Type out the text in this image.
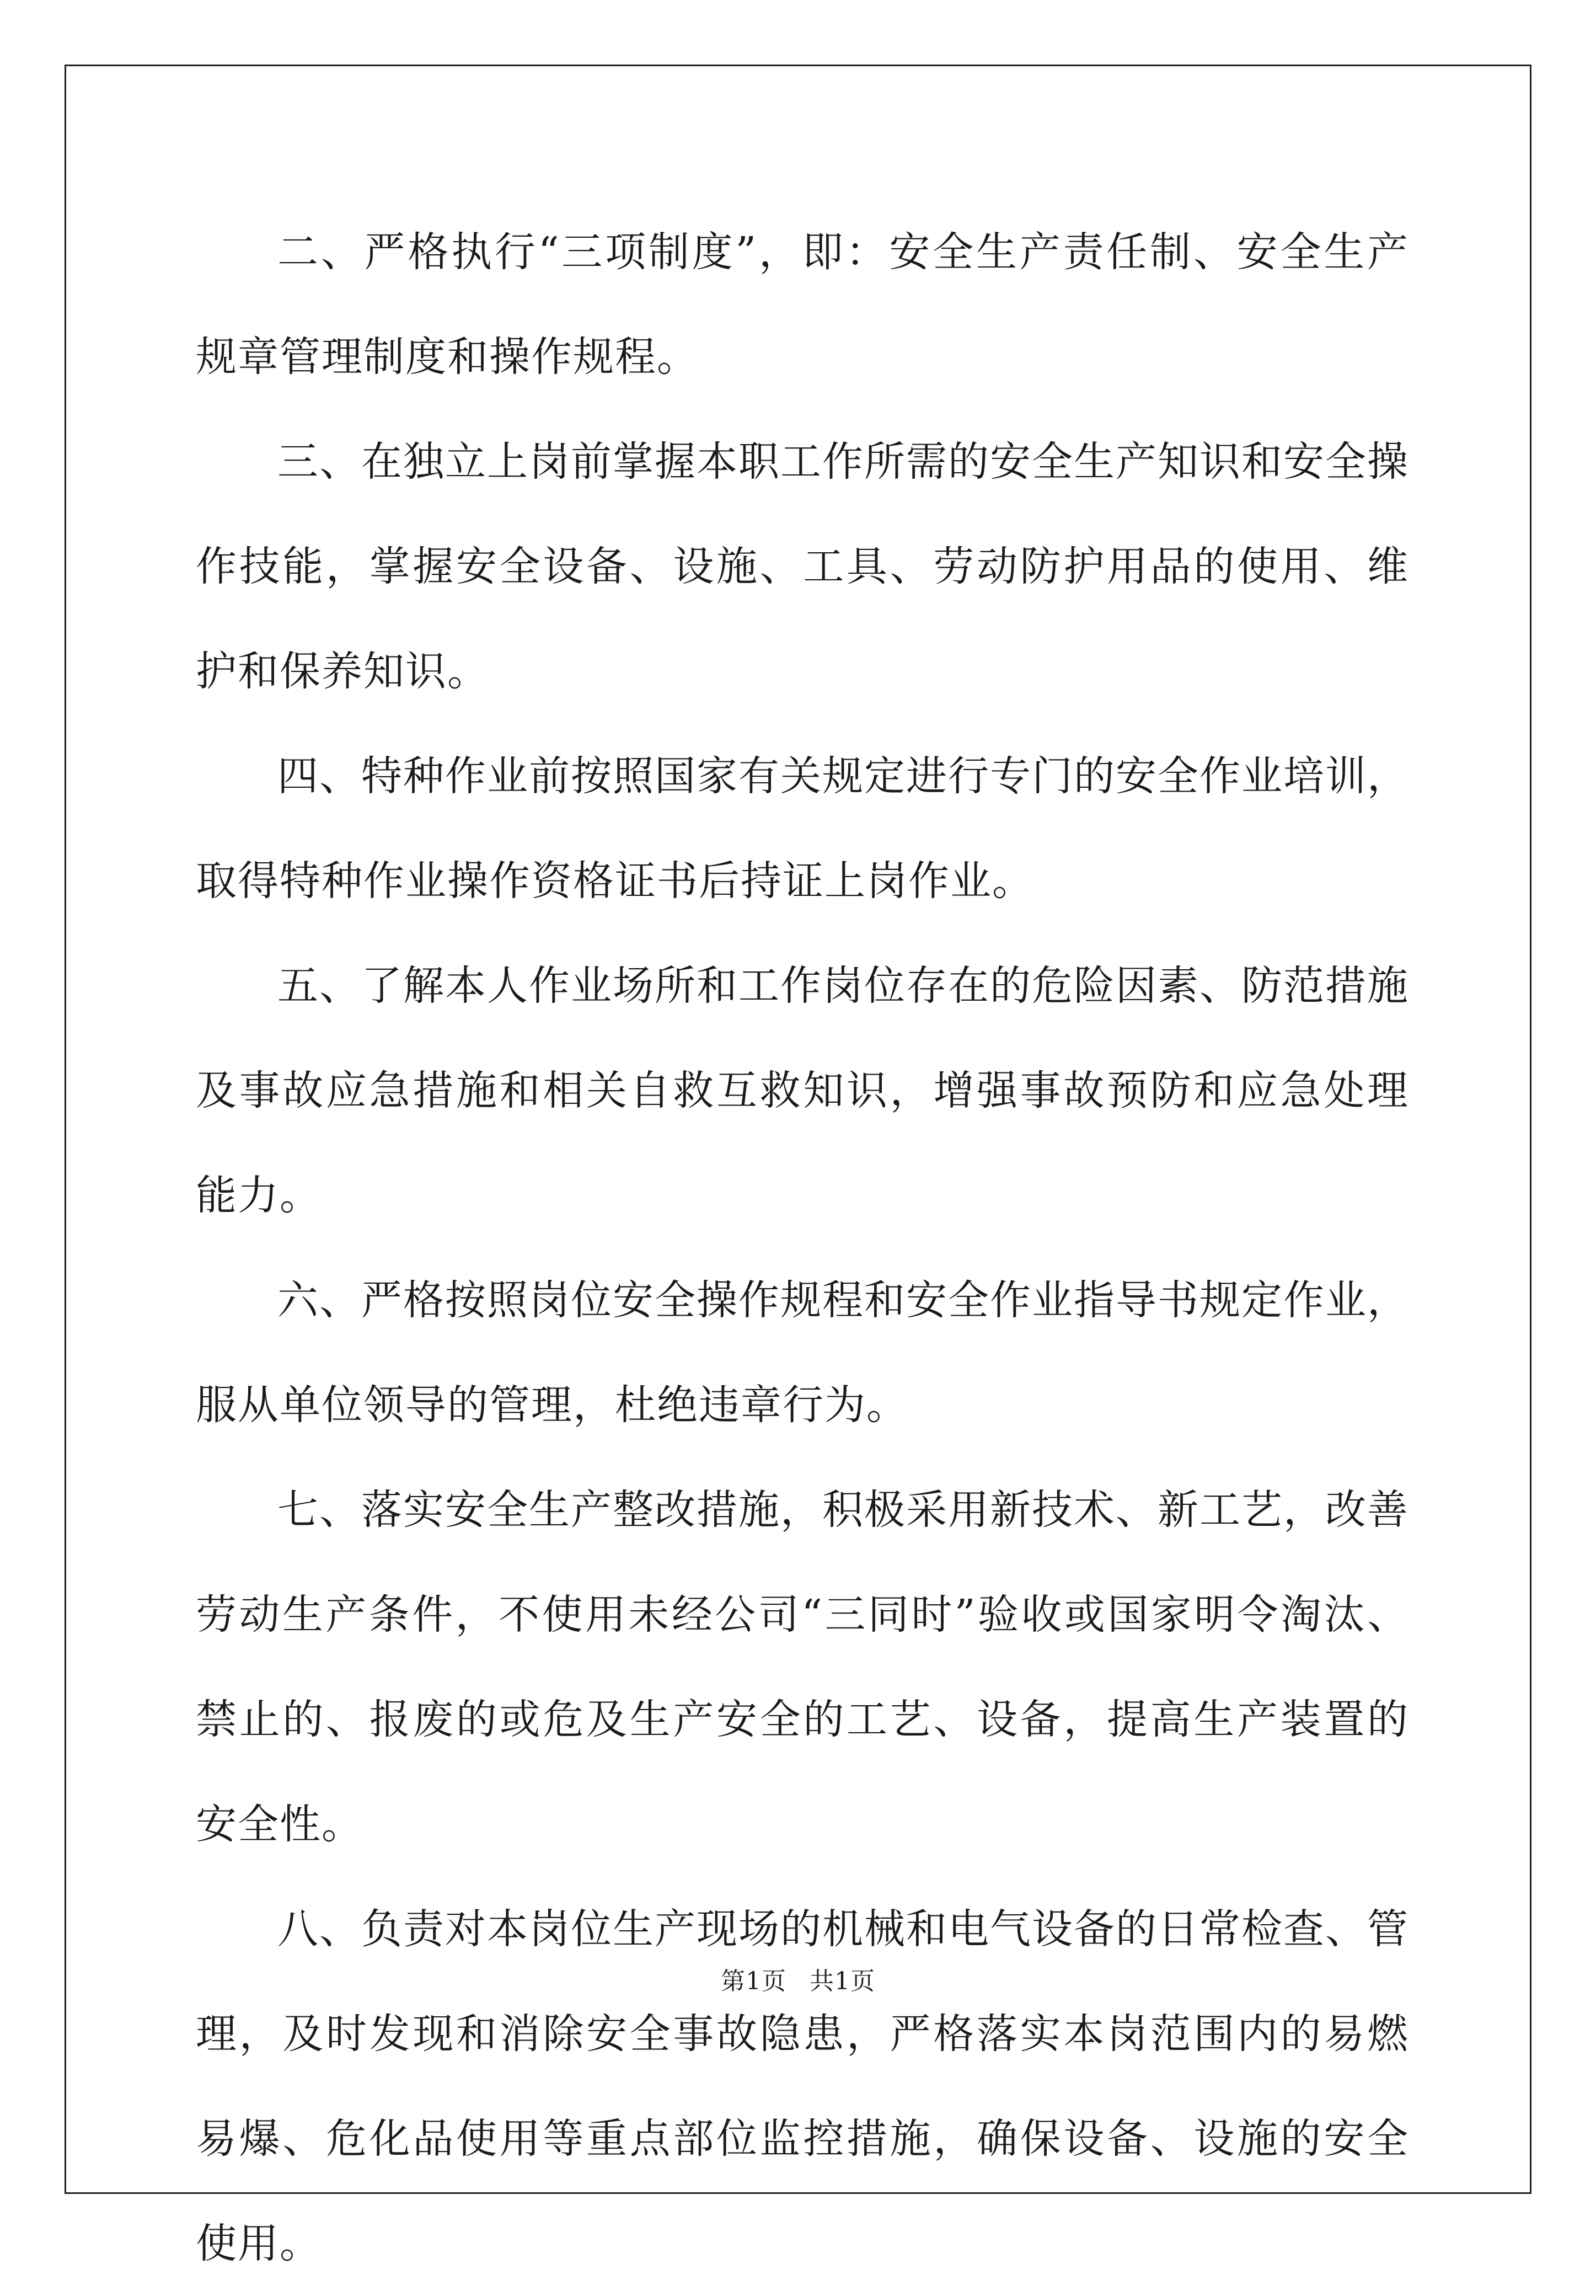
二、严格执行“三项制度”，即：安全生产责任制、安全生产规章管理制度和操作规程。

三、在独立上岗前掌握本职工作所需的安全生产知识和安全操作技能，掌握安全设备、设施、工具、劳动防护用品的使用、维护和保养知识。

四、特种作业前按照国家有关规定进行专门的安全作业培训，取得特种作业操作资格证书后持证上岗作业。

五、了解本人作业场所和工作岗位存在的危险因素、防范措施及事故应急措施和相关自救互救知识，增强事故预防和应急处理能力。

六、严格按照岗位安全操作规程和安全作业指导书规定作业，服从单位领导的管理，杜绝违章行为。

七、落实安全生产整改措施，积极采用新技术、新工艺，改善劳动生产条件，不使用未经公司“三同时”验收或国家明令淘汰、禁止的、报废的或危及生产安全的工艺、设备，提高生产装置的安全性。

八、负责对本岗位生产现场的机械和电气设备的日常检查、管理，及时发现和消除安全事故隐患，严格落实本岗范围内的易燃易爆、危化品使用等重点部位监控措施，确保设备、设施的安全使用。

第1页 共1页
